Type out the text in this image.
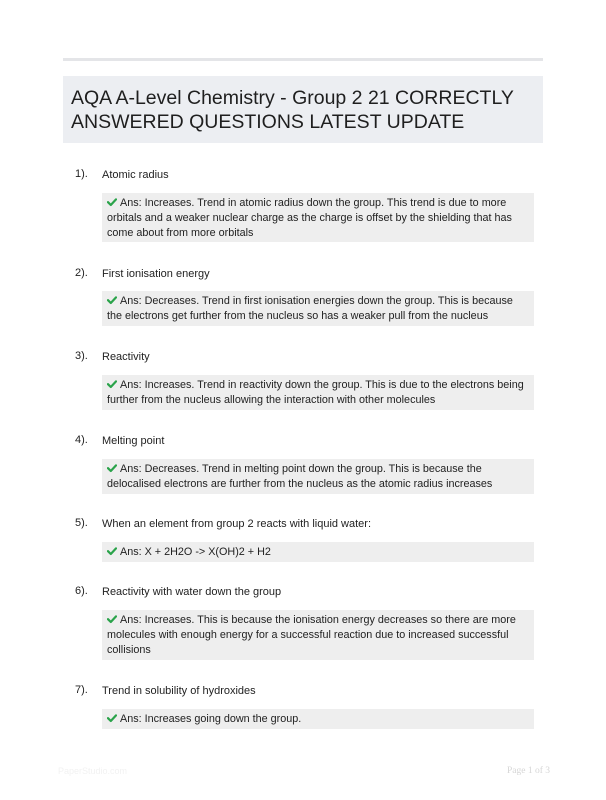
AQA A-Level Chemistry - Group 2 21 CORRECTLY ANSWERED QUESTIONS LATEST UPDATE
1). Atomic radius
Ans: Increases. Trend in atomic radius down the group. This trend is due to more orbitals and a weaker nuclear charge as the charge is offset by the shielding that has come about from more orbitals
2). First ionisation energy
Ans: Decreases. Trend in first ionisation energies down the group. This is because the electrons get further from the nucleus so has a weaker pull from the nucleus
3). Reactivity
Ans: Increases. Trend in reactivity down the group. This is due to the electrons being further from the nucleus allowing the interaction with other molecules
4). Melting point
Ans: Decreases. Trend in melting point down the group. This is because the delocalised electrons are further from the nucleus as the atomic radius increases
5). When an element from group 2 reacts with liquid water:
Ans: X + 2H2O -> X(OH)2 + H2
6). Reactivity with water down the group
Ans: Increases. This is because the ionisation energy decreases so there are more molecules with enough energy for a successful reaction due to increased successful collisions
7). Trend in solubility of hydroxides
Ans: Increases going down the group.
PaperStudio.com	Page 1 of 3
